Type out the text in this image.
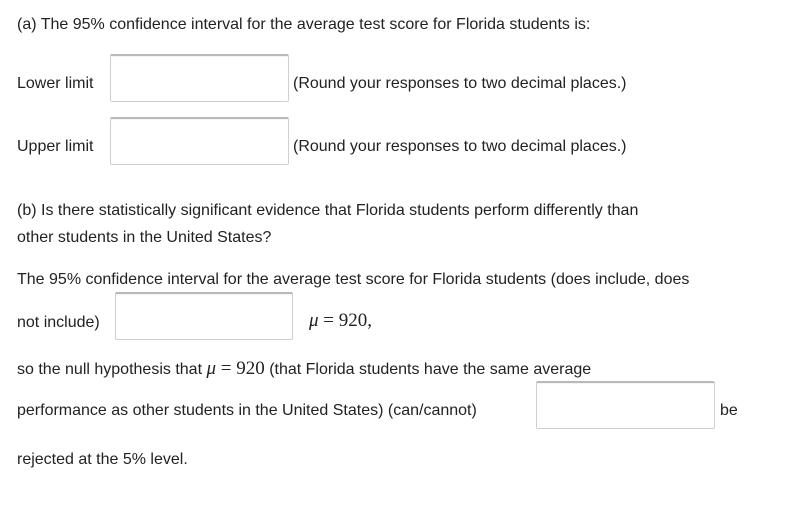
(a) The 95% confidence interval for the average test score for Florida students is:
Lower limit	(Round your responses to two decimal places.)
Upper limit	(Round your responses to two decimal places.)
(b) Is there statistically significant evidence that Florida students perform differently than
other students in the United States?
The 95% confidence interval for the average test score for Florida students (does include, does
not include)	μ = 920,
so the null hypothesis that μ = 920 (that Florida students have the same average
performance as other students in the United States) (can/cannot)	be
rejected at the 5% level.
